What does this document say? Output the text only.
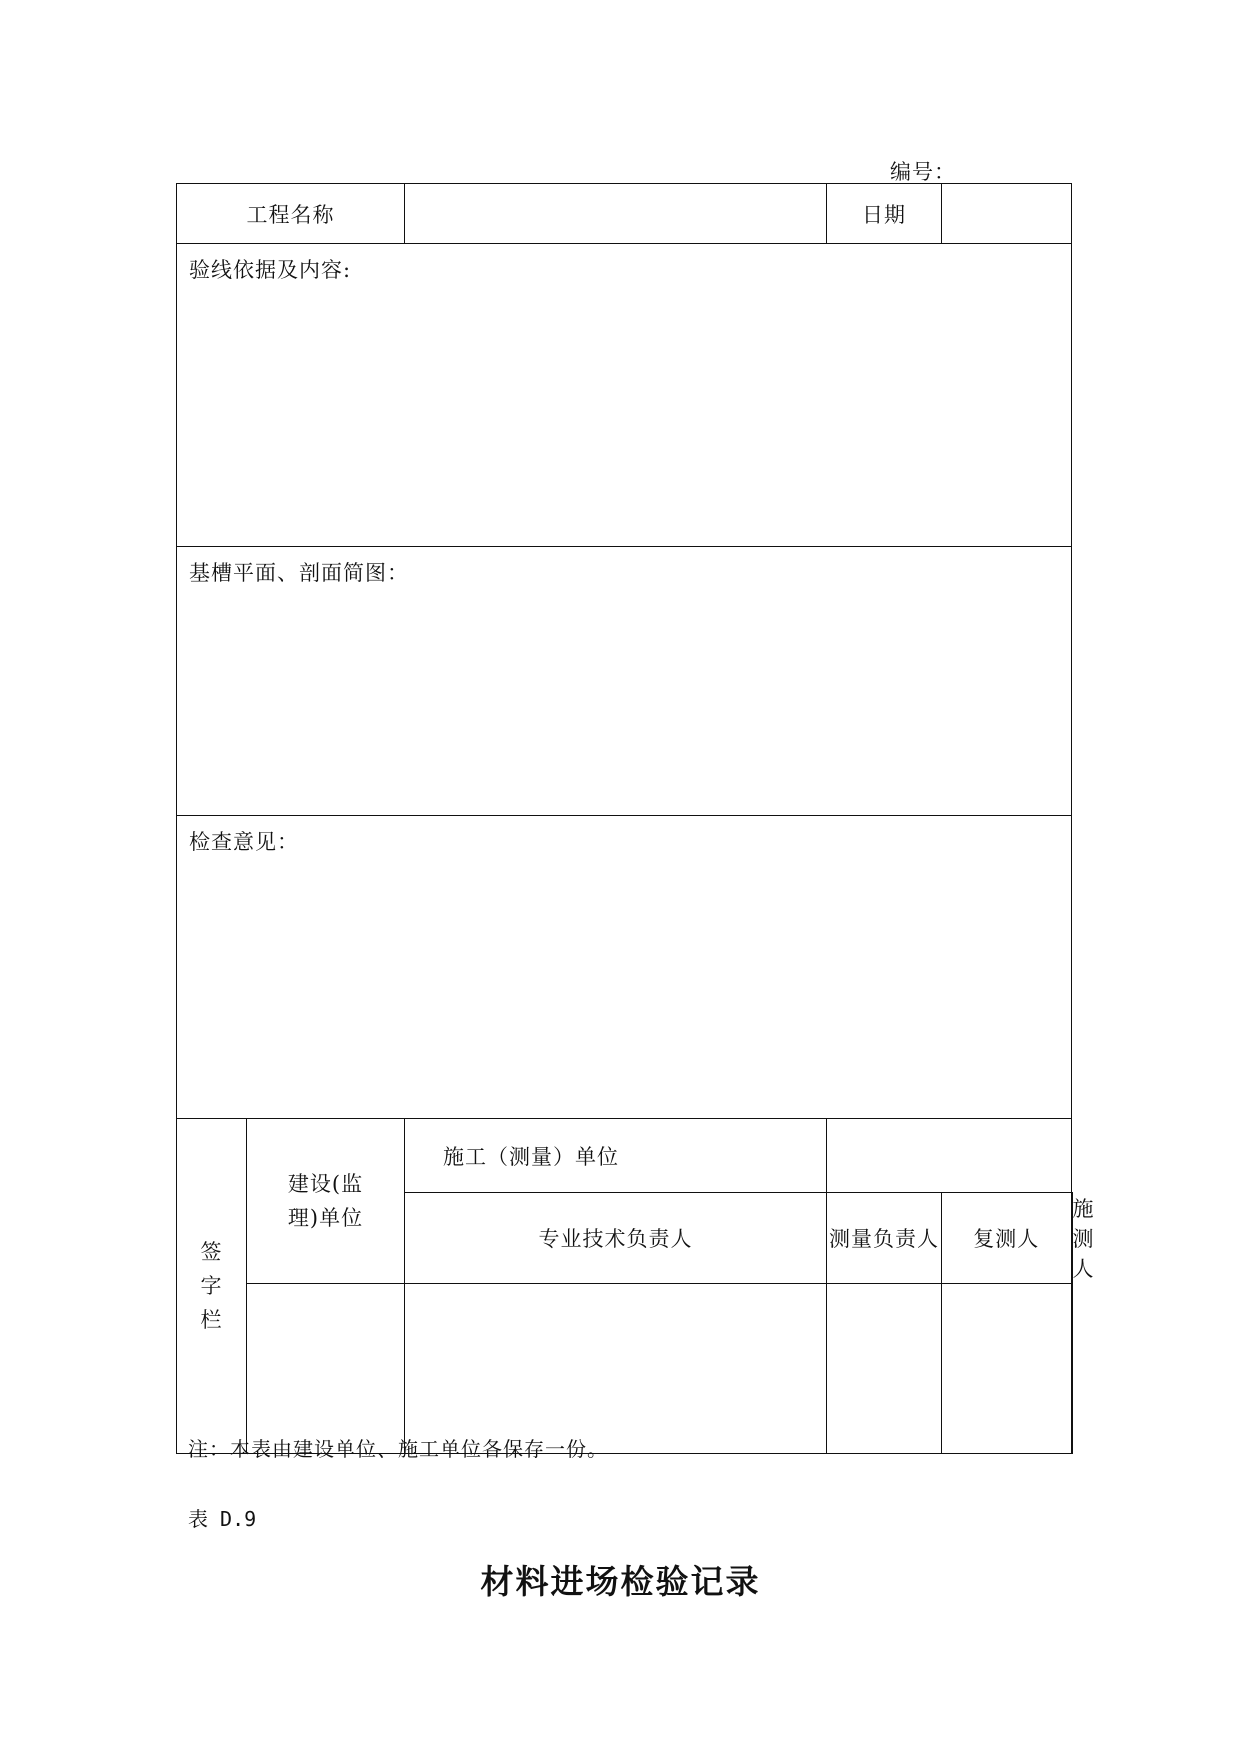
编号：
工程名称			日期		
验线依据及内容:					
基槽平面、剖面简图：					
检查意见：					
签字栏	建设(监理)单位	施工（测量）单位			
		专业技术负责人	测量负责人	复测人	施测人

注：本表由建设单位、施工单位各保存一份。
表 D.9
材料进场检验记录
